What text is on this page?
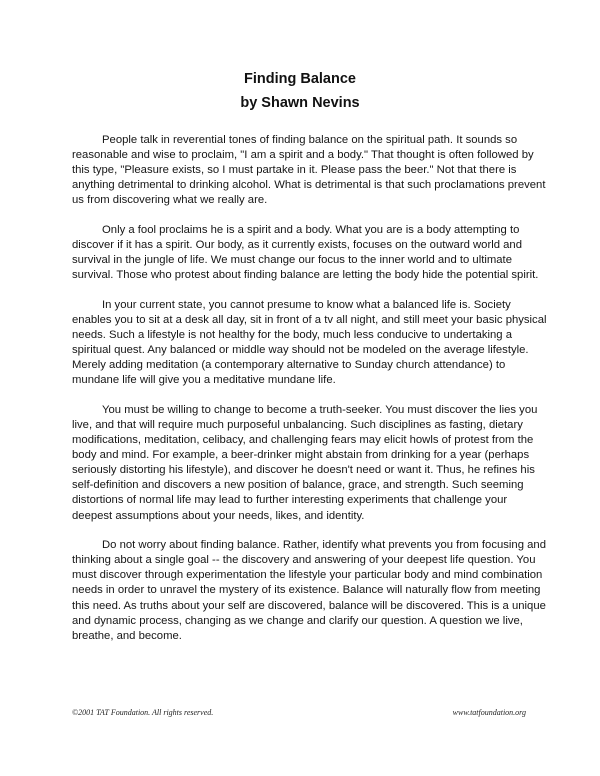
Finding Balance
by Shawn Nevins

People talk in reverential tones of finding balance on the spiritual path. It sounds so reasonable and wise to proclaim, "I am a spirit and a body." That thought is often followed by this type, "Pleasure exists, so I must partake in it. Please pass the beer." Not that there is anything detrimental to drinking alcohol. What is detrimental is that such proclamations prevent us from discovering what we really are.

Only a fool proclaims he is a spirit and a body. What you are is a body attempting to discover if it has a spirit. Our body, as it currently exists, focuses on the outward world and survival in the jungle of life. We must change our focus to the inner world and to ultimate survival. Those who protest about finding balance are letting the body hide the potential spirit.

In your current state, you cannot presume to know what a balanced life is. Society enables you to sit at a desk all day, sit in front of a tv all night, and still meet your basic physical needs. Such a lifestyle is not healthy for the body, much less conducive to undertaking a spiritual quest. Any balanced or middle way should not be modeled on the average lifestyle. Merely adding meditation (a contemporary alternative to Sunday church attendance) to mundane life will give you a meditative mundane life.

You must be willing to change to become a truth-seeker. You must discover the lies you live, and that will require much purposeful unbalancing. Such disciplines as fasting, dietary modifications, meditation, celibacy, and challenging fears may elicit howls of protest from the body and mind. For example, a beer-drinker might abstain from drinking for a year (perhaps seriously distorting his lifestyle), and discover he doesn't need or want it. Thus, he refines his self-definition and discovers a new position of balance, grace, and strength. Such seeming distortions of normal life may lead to further interesting experiments that challenge your deepest assumptions about your needs, likes, and identity.

Do not worry about finding balance. Rather, identify what prevents you from focusing and thinking about a single goal -- the discovery and answering of your deepest life question. You must discover through experimentation the lifestyle your particular body and mind combination needs in order to unravel the mystery of its existence. Balance will naturally flow from meeting this need. As truths about your self are discovered, balance will be discovered. This is a unique and dynamic process, changing as we change and clarify our question. A question we live, breathe, and become.

©2001 TAT Foundation. All rights reserved.	www.tatfoundation.org
